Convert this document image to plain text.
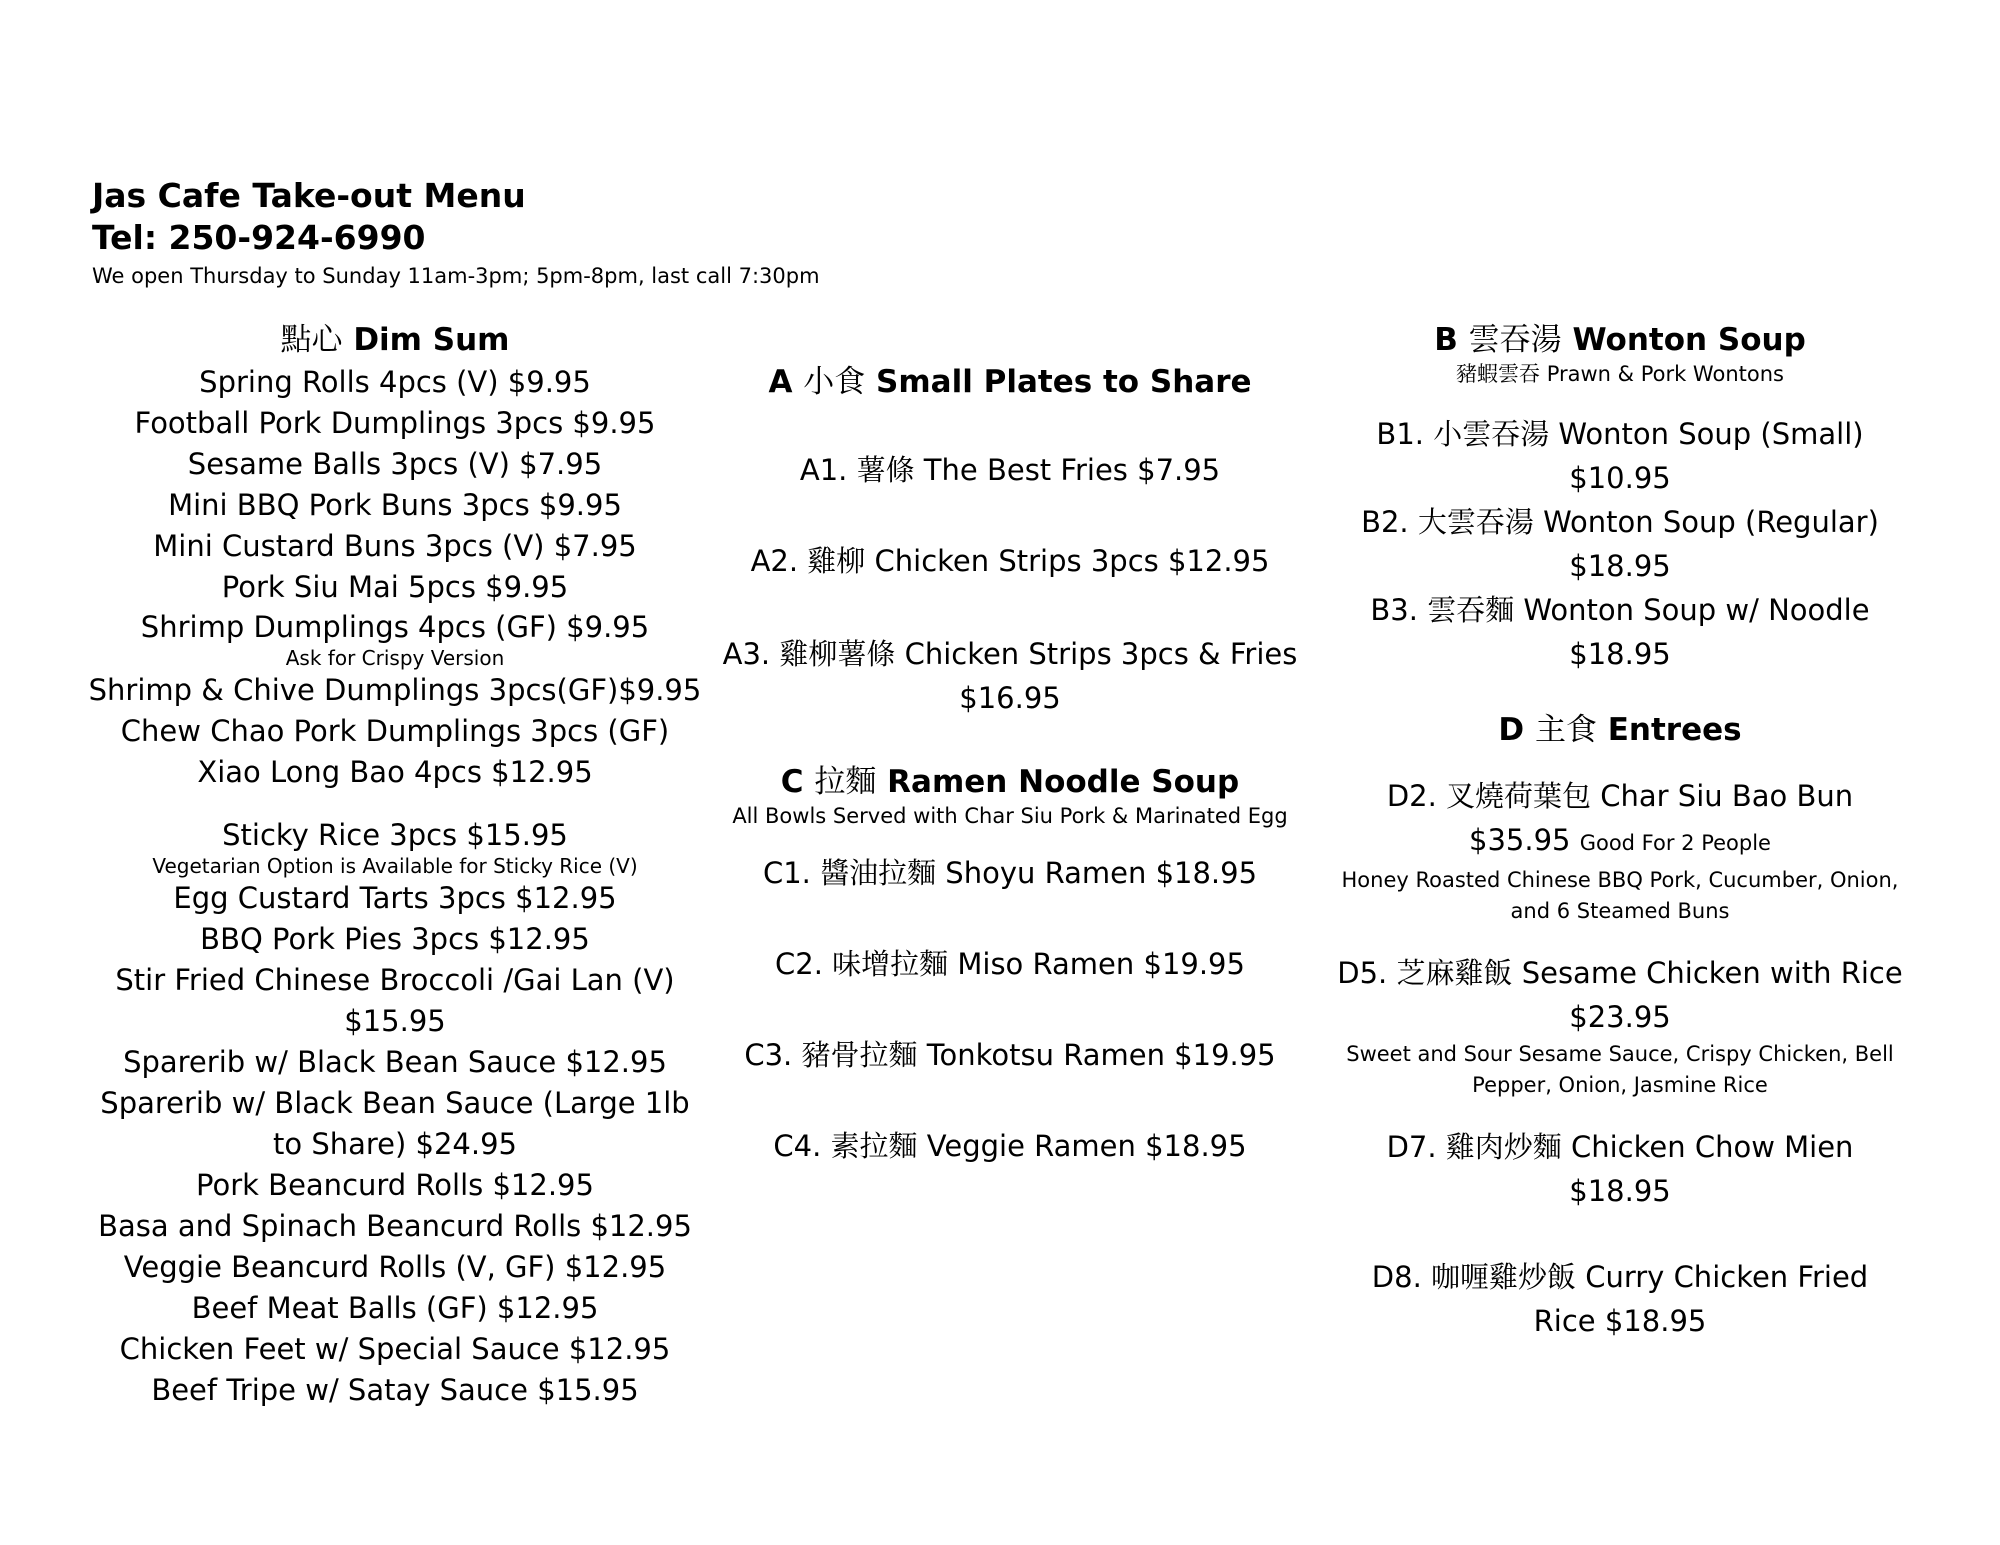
Jas Cafe Take-out Menu
Tel: 250-924-6990
We open Thursday to Sunday 11am-3pm; 5pm-8pm, last call 7:30pm
點心 Dim Sum
Spring Rolls 4pcs (V) $9.95
Football Pork Dumplings 3pcs $9.95
Sesame Balls 3pcs (V) $7.95
Mini BBQ Pork Buns 3pcs $9.95
Mini Custard Buns 3pcs (V) $7.95
Pork Siu Mai 5pcs $9.95
Shrimp Dumplings 4pcs (GF) $9.95
Ask for Crispy Version
Shrimp & Chive Dumplings 3pcs(GF)$9.95
Chew Chao Pork Dumplings 3pcs (GF)
Xiao Long Bao 4pcs $12.95
Sticky Rice 3pcs $15.95
Vegetarian Option is Available for Sticky Rice (V)
Egg Custard Tarts 3pcs $12.95
BBQ Pork Pies 3pcs $12.95
Stir Fried Chinese Broccoli /Gai Lan (V)
$15.95
Sparerib w/ Black Bean Sauce $12.95
Sparerib w/ Black Bean Sauce (Large 1lb
to Share) $24.95
Pork Beancurd Rolls $12.95
Basa and Spinach Beancurd Rolls $12.95
Veggie Beancurd Rolls (V, GF) $12.95
Beef Meat Balls (GF) $12.95
Chicken Feet w/ Special Sauce $12.95
Beef Tripe w/ Satay Sauce $15.95
A 小食 Small Plates to Share
A1. 薯條 The Best Fries $7.95
A2. 雞柳 Chicken Strips 3pcs $12.95
A3. 雞柳薯條 Chicken Strips 3pcs & Fries
$16.95
C 拉麵 Ramen Noodle Soup
All Bowls Served with Char Siu Pork & Marinated Egg
C1. 醬油拉麵 Shoyu Ramen $18.95
C2. 味增拉麵 Miso Ramen $19.95
C3. 豬骨拉麵 Tonkotsu Ramen $19.95
C4. 素拉麵 Veggie Ramen $18.95
B 雲吞湯 Wonton Soup
豬蝦雲吞 Prawn & Pork Wontons
B1. 小雲吞湯 Wonton Soup (Small)
$10.95
B2. 大雲吞湯 Wonton Soup (Regular)
$18.95
B3. 雲吞麵 Wonton Soup w/ Noodle
$18.95
D 主食 Entrees
D2. 叉燒荷葉包 Char Siu Bao Bun
$35.95 Good For 2 People
Honey Roasted Chinese BBQ Pork, Cucumber, Onion,
and 6 Steamed Buns
D5. 芝麻雞飯 Sesame Chicken with Rice
$23.95
Sweet and Sour Sesame Sauce, Crispy Chicken, Bell
Pepper, Onion, Jasmine Rice
D7. 雞肉炒麵 Chicken Chow Mien
$18.95
D8. 咖喱雞炒飯 Curry Chicken Fried
Rice $18.95
